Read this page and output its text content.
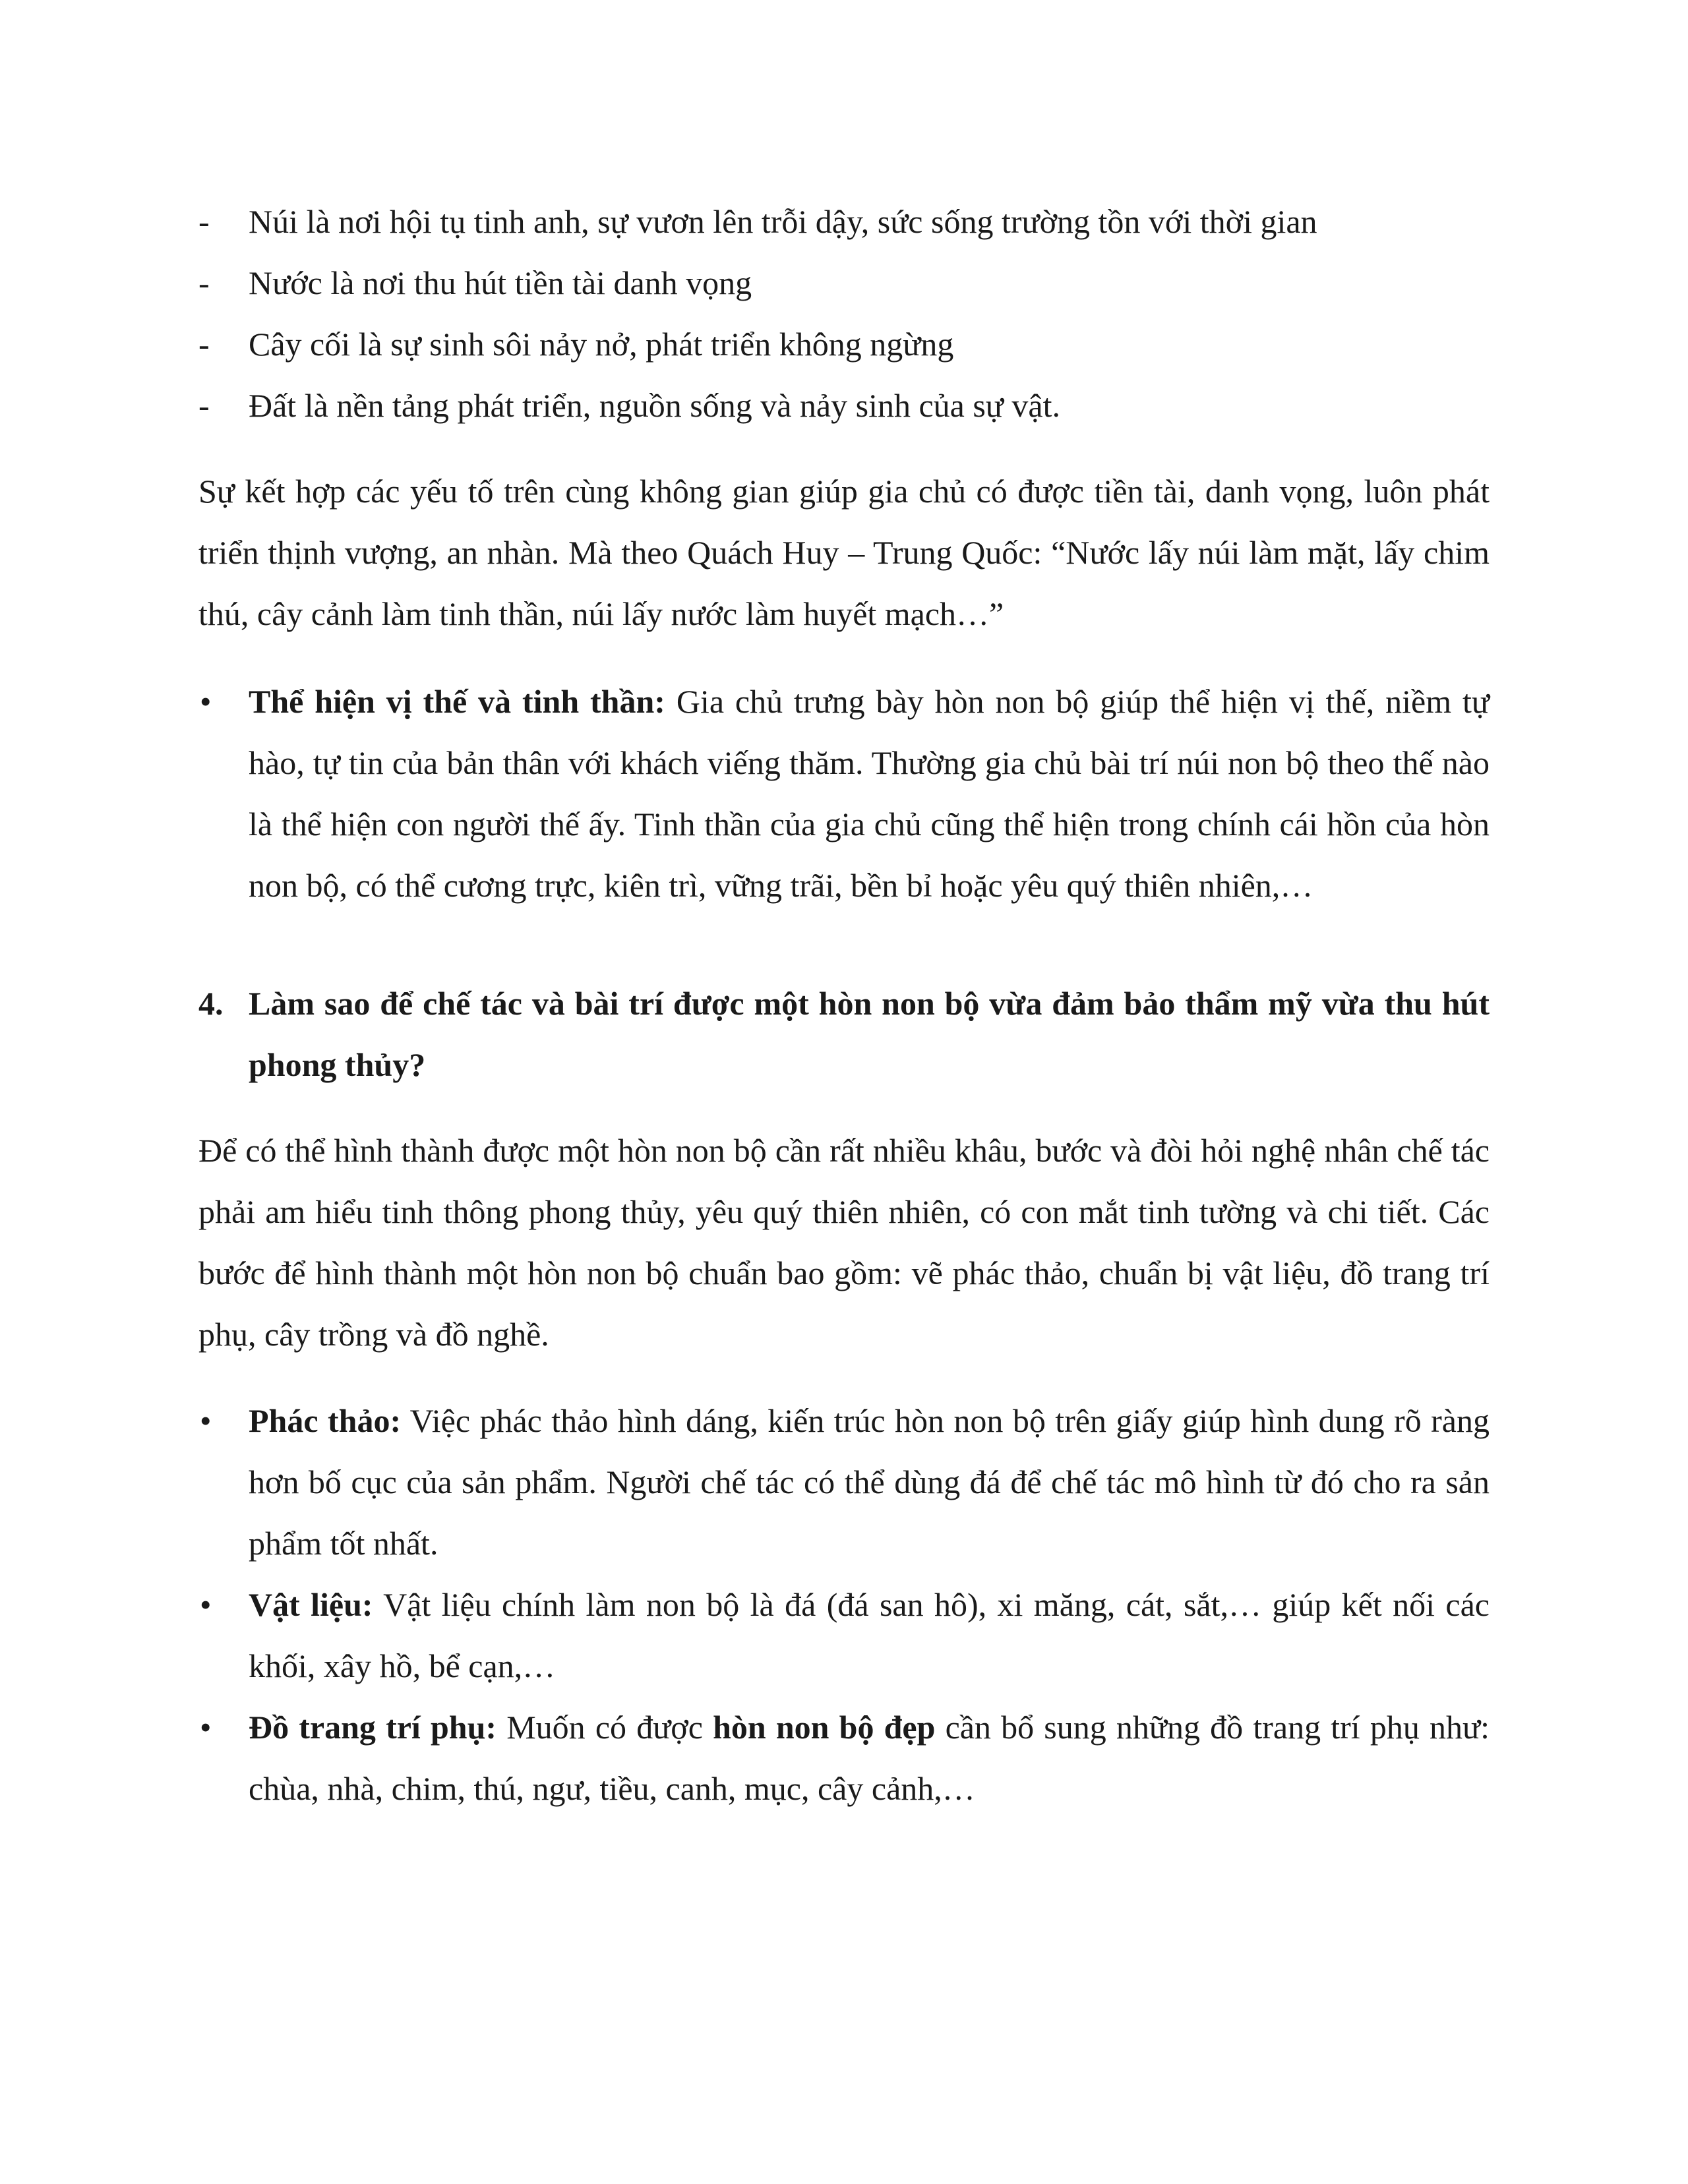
-	Núi là nơi hội tụ tinh anh, sự vươn lên trỗi dậy, sức sống trường tồn với thời gian
-	Nước là nơi thu hút tiền tài danh vọng
-	Cây cối là sự sinh sôi nảy nở, phát triển không ngừng
-	Đất là nền tảng phát triển, nguồn sống và nảy sinh của sự vật.

Sự kết hợp các yếu tố trên cùng không gian giúp gia chủ có được tiền tài, danh vọng, luôn phát triển thịnh vượng, an nhàn. Mà theo Quách Huy – Trung Quốc: “Nước lấy núi làm mặt, lấy chim thú, cây cảnh làm tinh thần, núi lấy nước làm huyết mạch…”

•	Thể hiện vị thế và tinh thần: Gia chủ trưng bày hòn non bộ giúp thể hiện vị thế, niềm tự hào, tự tin của bản thân với khách viếng thăm. Thường gia chủ bài trí núi non bộ theo thế nào là thể hiện con người thế ấy. Tinh thần của gia chủ cũng thể hiện trong chính cái hồn của hòn non bộ, có thể cương trực, kiên trì, vững trãi, bền bỉ hoặc yêu quý thiên nhiên,…
4. Làm sao để chế tác và bài trí được một hòn non bộ vừa đảm bảo thẩm mỹ vừa thu hút phong thủy?

Để có thể hình thành được một hòn non bộ cần rất nhiều khâu, bước và đòi hỏi nghệ nhân chế tác phải am hiểu tinh thông phong thủy, yêu quý thiên nhiên, có con mắt tinh tường và chi tiết. Các bước để hình thành một hòn non bộ chuẩn bao gồm: vẽ phác thảo, chuẩn bị vật liệu, đồ trang trí phụ, cây trồng và đồ nghề.

•	Phác thảo: Việc phác thảo hình dáng, kiến trúc hòn non bộ trên giấy giúp hình dung rõ ràng hơn bố cục của sản phẩm. Người chế tác có thể dùng đá để chế tác mô hình từ đó cho ra sản phẩm tốt nhất.
•	Vật liệu: Vật liệu chính làm non bộ là đá (đá san hô), xi măng, cát, sắt,… giúp kết nối các khối, xây hồ, bể cạn,…
•	Đồ trang trí phụ: Muốn có được hòn non bộ đẹp cần bổ sung những đồ trang trí phụ như: chùa, nhà, chim, thú, ngư, tiều, canh, mục, cây cảnh,…
